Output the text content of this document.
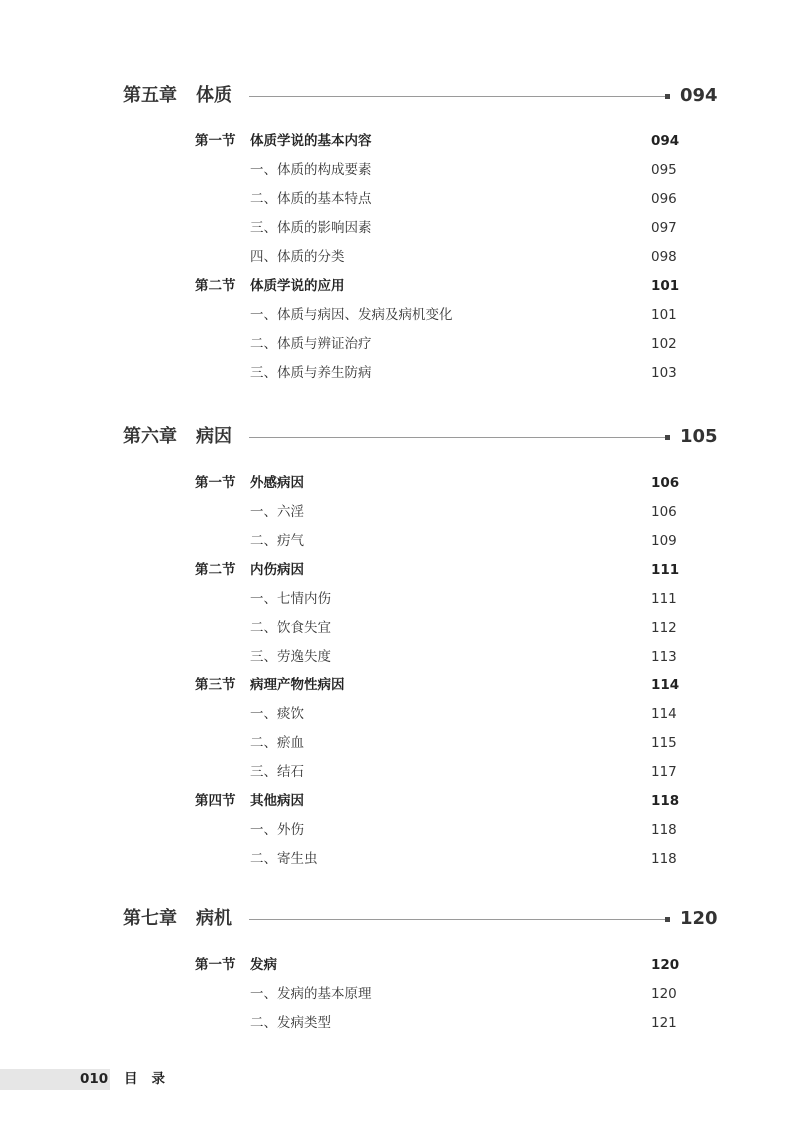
第五章 体质	094
第一节 体质学说的基本内容	094
一、体质的构成要素	095
二、体质的基本特点	096
三、体质的影响因素	097
四、体质的分类	098
第二节 体质学说的应用	101
一、体质与病因、发病及病机变化	101
二、体质与辨证治疗	102
三、体质与养生防病	103
第六章 病因	105
第一节 外感病因	106
一、六淫	106
二、疠气	109
第二节 内伤病因	111
一、七情内伤	111
二、饮食失宜	112
三、劳逸失度	113
第三节 病理产物性病因	114
一、痰饮	114
二、瘀血	115
三、结石	117
第四节 其他病因	118
一、外伤	118
二、寄生虫	118
第七章 病机	120
第一节 发病	120
一、发病的基本原理	120
二、发病类型	121
010 目录
